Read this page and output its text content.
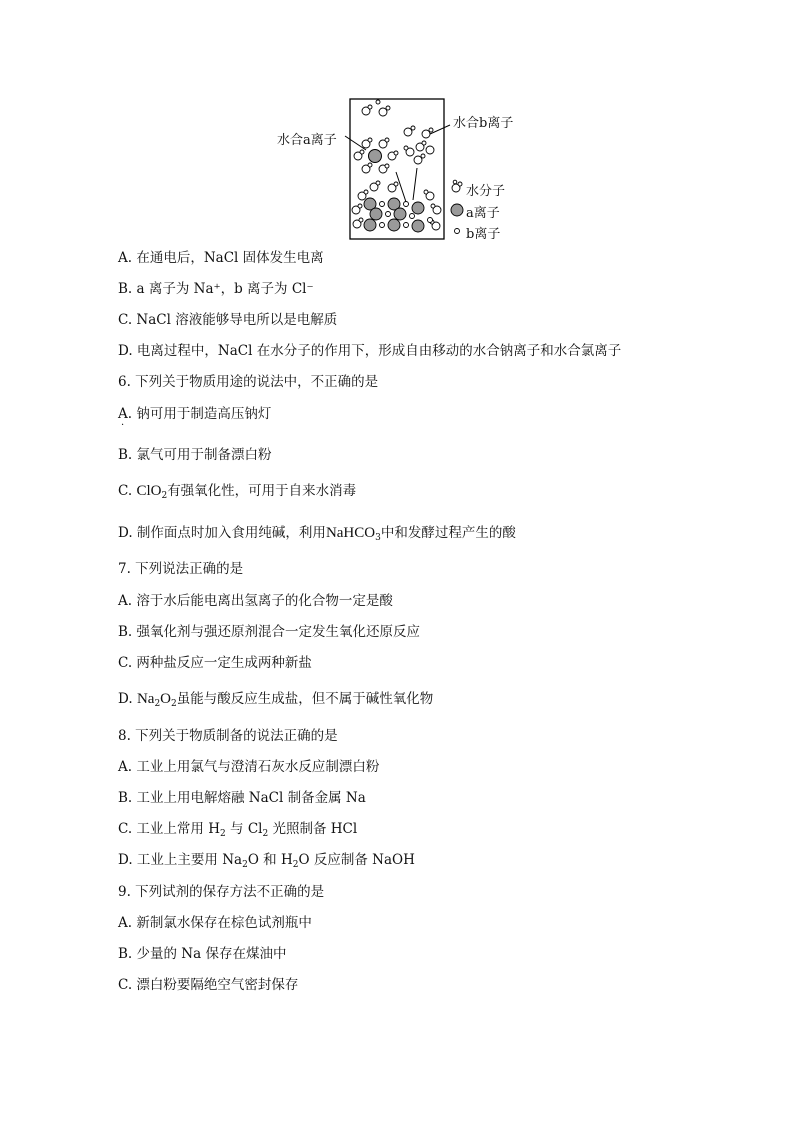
水合a离子
水合b离子
水分子
a离子
b离子
A. 在通电后，NaCl 固体发生电离
B. a 离子为 Na⁺，b 离子为 Cl⁻
C. NaCl 溶液能够导电所以是电解质
D. 电离过程中，NaCl 在水分子的作用下，形成自由移动的水合钠离子和水合氯离子
6. 下列关于物质用途的说法中，不正确的是
A. 钠可用于制造高压钠灯
·
B. 氯气可用于制备漂白粉
C. ClO$_2$有强氧化性，可用于自来水消毒
D. 制作面点时加入食用纯碱，利用NaHCO$_3$中和发酵过程产生的酸
7. 下列说法正确的是
A. 溶于水后能电离出氢离子的化合物一定是酸
B. 强氧化剂与强还原剂混合一定发生氧化还原反应
C. 两种盐反应一定生成两种新盐
D. $Na_2O_2$虽能与酸反应生成盐，但不属于碱性氧化物
8. 下列关于物质制备的说法正确的是
A. 工业上用氯气与澄清石灰水反应制漂白粉
B. 工业上用电解熔融 NaCl 制备金属 Na
C. 工业上常用 $H_2$ 与 $Cl_2$ 光照制备 HCl
D. 工业上主要用 $Na_2O$ 和 $H_2O$ 反应制备 NaOH
9. 下列试剂的保存方法不正确的是
A. 新制氯水保存在棕色试剂瓶中
B. 少量的 Na 保存在煤油中
C. 漂白粉要隔绝空气密封保存
